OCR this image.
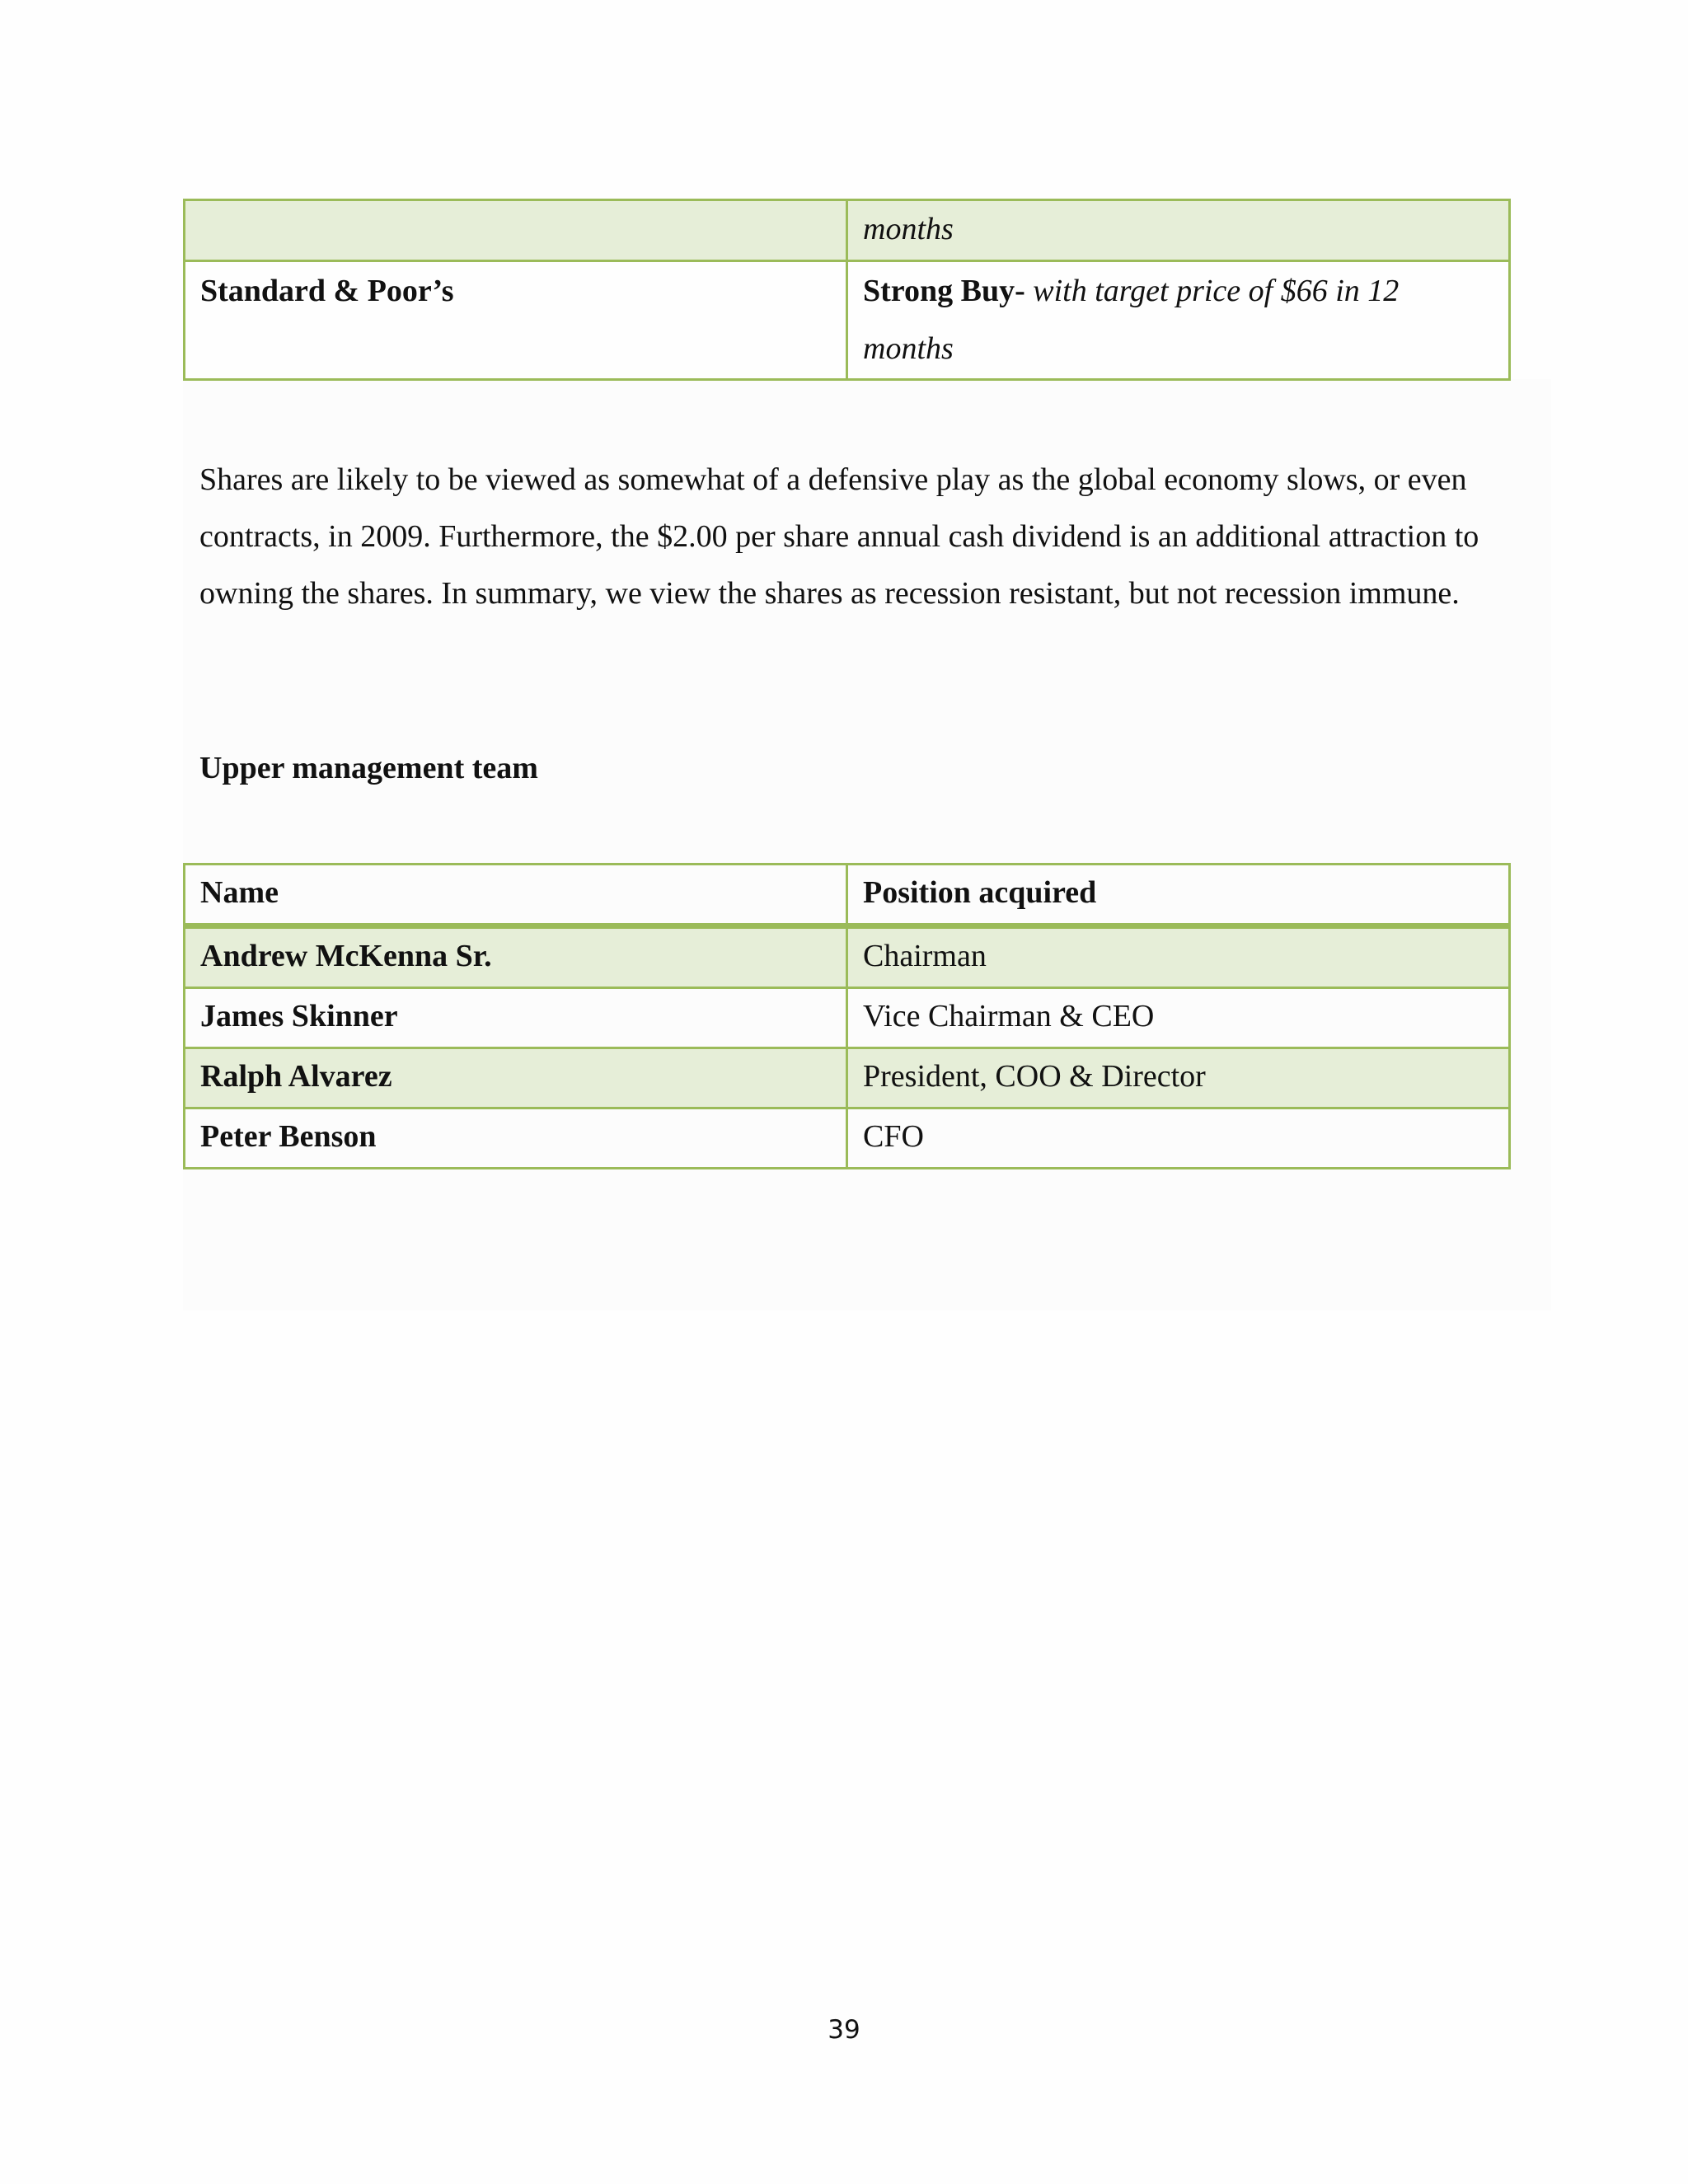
	months
Standard & Poor’s	Strong Buy- with target price of $66 in 12 months

Shares are likely to be viewed as somewhat of a defensive play as the global economy slows, or even contracts, in 2009. Furthermore, the $2.00 per share annual cash dividend is an additional attraction to owning the shares. In summary, we view the shares as recession resistant, but not recession immune.

Upper management team

Name	Position acquired
Andrew McKenna Sr.	Chairman
James Skinner	Vice Chairman & CEO
Ralph Alvarez	President, COO & Director
Peter Benson	CFO
39
